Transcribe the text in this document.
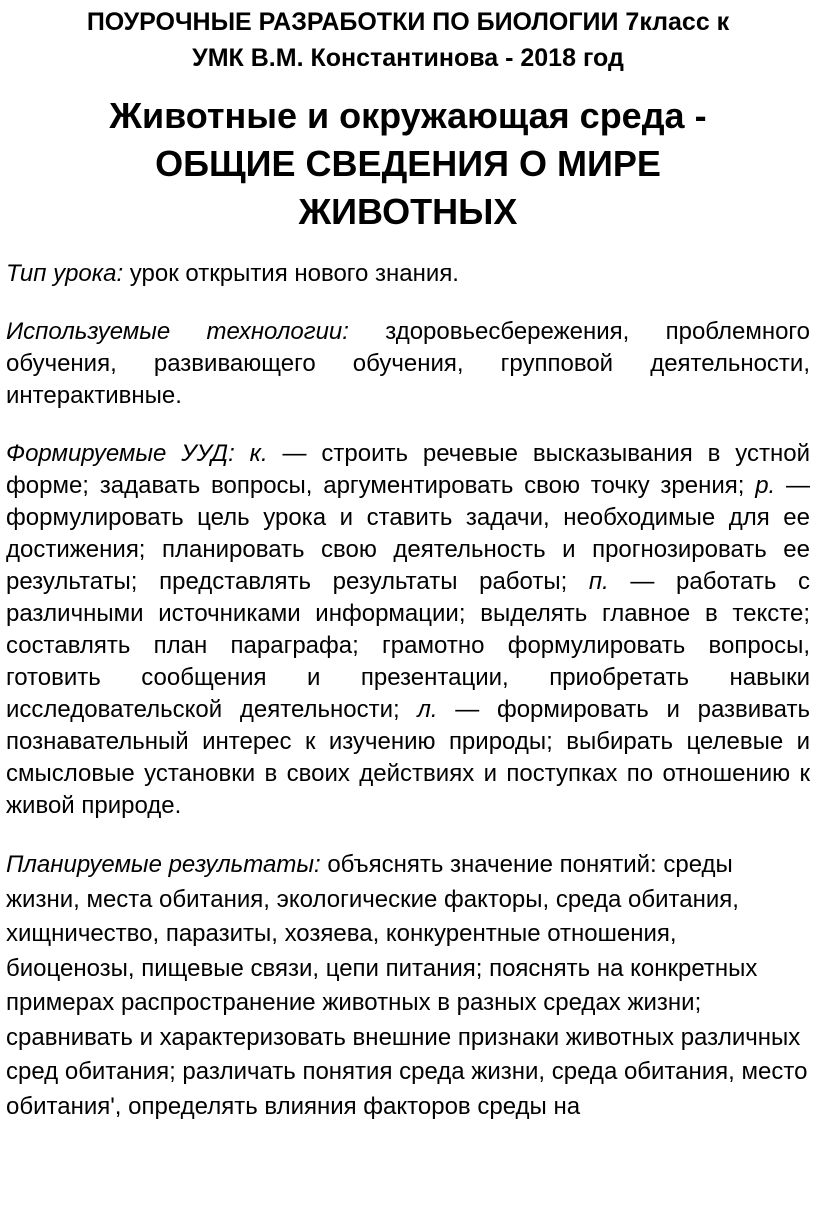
ПОУРОЧНЫЕ РАЗРАБОТКИ ПО БИОЛОГИИ 7класс к
УМК В.М. Константинова - 2018 год
Животные и окружающая среда -
ОБЩИЕ СВЕДЕНИЯ О МИРЕ
ЖИВОТНЫХ

Тип урока: урок открытия нового знания.

Используемые технологии: здоровьесбережения, проблемного обучения, развивающего обучения, групповой деятельности, интерактивные.

Формируемые УУД: к. — строить речевые высказывания в устной форме; задавать вопросы, аргументировать свою точку зрения; р. — формулировать цель урока и ставить задачи, необходимые для ее достижения; планировать свою деятельность и прогнозировать ее результаты; представлять результаты работы; п. — работать с различными источниками информации; выделять главное в тексте; составлять план параграфа; грамотно формулировать вопросы, готовить сообщения и презентации, приобретать навыки исследовательской деятельности; л. — формировать и развивать познавательный интерес к изучению природы; выбирать целевые и смысловые установки в своих действиях и поступках по отношению к живой природе.

Планируемые результаты: объяснять значение понятий: среды жизни, места обитания, экологические факторы, среда обитания, хищничество, паразиты, хозяева, конкурентные отношения, биоценозы, пищевые связи, цепи питания; пояснять на конкретных примерах распространение животных в разных средах жизни; сравнивать и характеризовать внешние признаки животных различных сред обитания; различать понятия среда жизни, среда обитания, место обитания', определять влияния факторов среды на
